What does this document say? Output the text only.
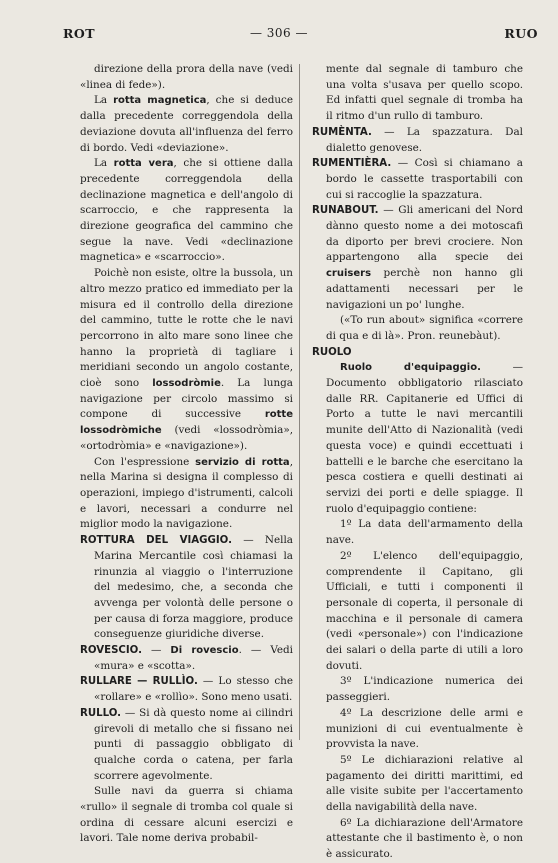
— 306 —
ROT	RUO

direzione della prora della nave (vedi «linea di fede»).

La rotta magnetica, che si deduce dalla precedente correggendola della deviazione dovuta all'influenza del ferro di bordo. Vedi «deviazione».

La rotta vera, che si ottiene dalla precedente correggendola della declinazione magnetica e dell'angolo di scarroccio, e che rappresenta la direzione geografica del cammino che segue la nave. Vedi «declinazione magnetica» e «scarroccio».

Poichè non esiste, oltre la bussola, un altro mezzo pratico ed immediato per la misura ed il controllo della direzione del cammino, tutte le rotte che le navi percorrono in alto mare sono linee che hanno la proprietà di tagliare i meridiani secondo un angolo costante, cioè sono lossodròmie. La lunga navigazione per circolo massimo si compone di successive rotte lossodròmiche (vedi «lossodròmia», «ortodròmia» e «navigazione»).

Con l'espressione servizio di rotta, nella Marina si designa il complesso di operazioni, impiego d'istrumenti, calcoli e lavori, necessari a condurre nel miglior modo la navigazione.

ROTTURA DEL VIAGGIO. — Nella Marina Mercantile così chiamasi la rinunzia al viaggio o l'interruzione del medesimo, che, a seconda che avvenga per volontà delle persone o per causa di forza maggiore, produce conseguenze giuridiche diverse.

ROVESCIO. — Di rovescio. — Vedi «mura» e «scotta».

RULLARE — RULLÌO. — Lo stesso che «rollare» e «rollìo». Sono meno usati.

RULLO. — Si dà questo nome ai cilindri girevoli di metallo che si fissano nei punti di passaggio obbligato di qualche corda o catena, per farla scorrere agevolmente.

Sulle navi da guerra si chiama «rullo» il segnale di tromba col quale si ordina di cessare alcuni esercizi e lavori. Tale nome deriva probabil-

mente dal segnale di tamburo che una volta s'usava per quello scopo. Ed infatti quel segnale di tromba ha il ritmo d'un rullo di tamburo.

RUMÈNTA. — La spazzatura. Dal dialetto genovese.

RUMENTIÈRA. — Così si chiamano a bordo le cassette trasportabili con cui si raccoglie la spazzatura.

RUNABOUT. — Gli americani del Nord dànno questo nome a dei motoscafi da diporto per brevi crociere. Non appartengono alla specie dei cruisers perchè non hanno gli adattamenti necessari per le navigazioni un po' lunghe.

(«To run about» significa «correre di qua e di là». Pron. reunebàut).

RUOLO

Ruolo d'equipaggio. — Documento obbligatorio rilasciato dalle RR. Capitanerie ed Uffici di Porto a tutte le navi mercantili munite dell'Atto di Nazionalità (vedi questa voce) e quindi eccettuati i battelli e le barche che esercitano la pesca costiera e quelli destinati ai servizi dei porti e delle spiagge. Il ruolo d'equipaggio contiene:

1º La data dell'armamento della nave.

2º L'elenco dell'equipaggio, comprendente il Capitano, gli Ufficiali, e tutti i componenti il personale di coperta, il personale di macchina e il personale di camera (vedi «personale») con l'indicazione dei salari o della parte di utili a loro dovuti.

3º L'indicazione numerica dei passeggieri.

4º La descrizione delle armi e munizioni di cui eventualmente è provvista la nave.

5º Le dichiarazioni relative al pagamento dei diritti marittimi, ed alle visite subite per l'accertamento della navigabilità della nave.

6º La dichiarazione dell'Armatore attestante che il bastimento è, o non è assicurato.
